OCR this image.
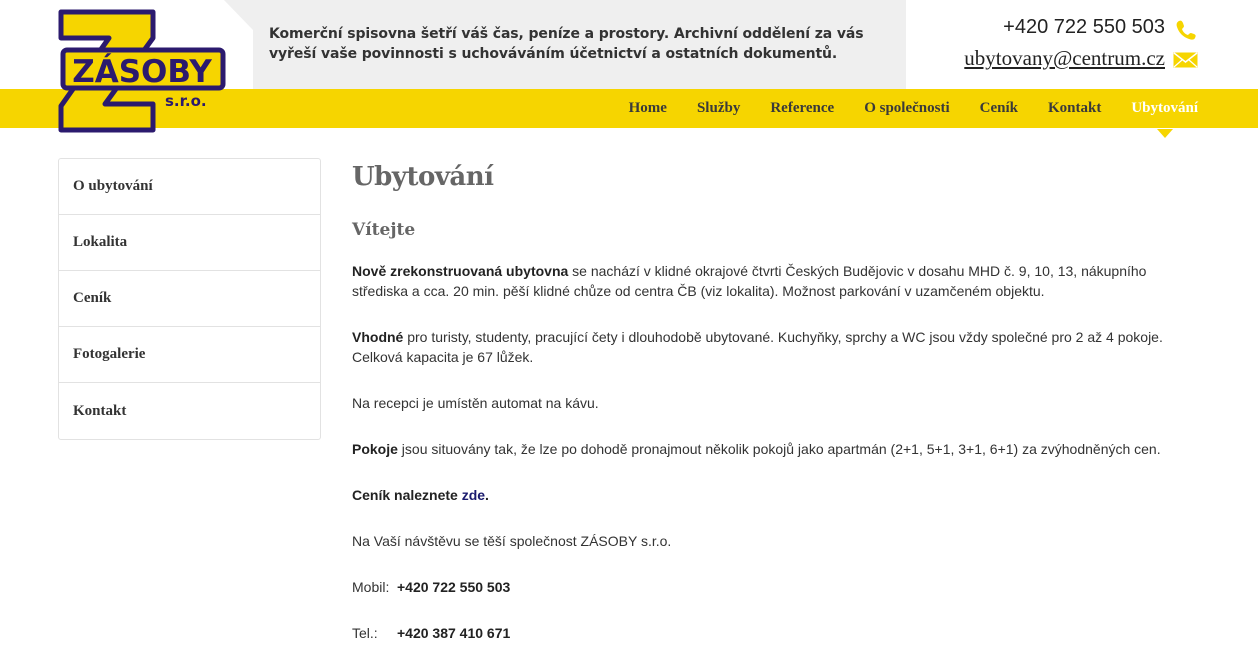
Komerční spisovna šetří váš čas, peníze a prostory. Archivní oddělení za vás vyřeší vaše povinnosti s uchováváním účetnictví a ostatních dokumentů.

ZÁSOBY
s.r.o.
+420 722 550 503
ubytovany@centrum.cz
Home Služby Reference O společnosti Ceník Kontakt Ubytování
O ubytování
Lokalita
Ceník
Fotogalerie
Kontakt
Ubytování
Vítejte

Nově zrekonstruovaná ubytovna se nachází v klidné okrajové čtvrti Českých Budějovic v dosahu MHD č. 9, 10, 13, nákupního střediska a cca. 20 min. pěší klidné chůze od centra ČB (viz lokalita). Možnost parkování v uzamčeném objektu.

Vhodné pro turisty, studenty, pracující čety i dlouhodobě ubytované. Kuchyňky, sprchy a WC jsou vždy společné pro 2 až 4 pokoje. Celková kapacita je 67 lůžek.

Na recepci je umístěn automat na kávu.

Pokoje jsou situovány tak, že lze po dohodě pronajmout několik pokojů jako apartmán (2+1, 5+1, 3+1, 6+1) za zvýhodněných cen.

Ceník naleznete zde.

Na Vaší návštěvu se těší společnost ZÁSOBY s.r.o.

Mobil: +420 722 550 503

Tel.: +420 387 410 671
